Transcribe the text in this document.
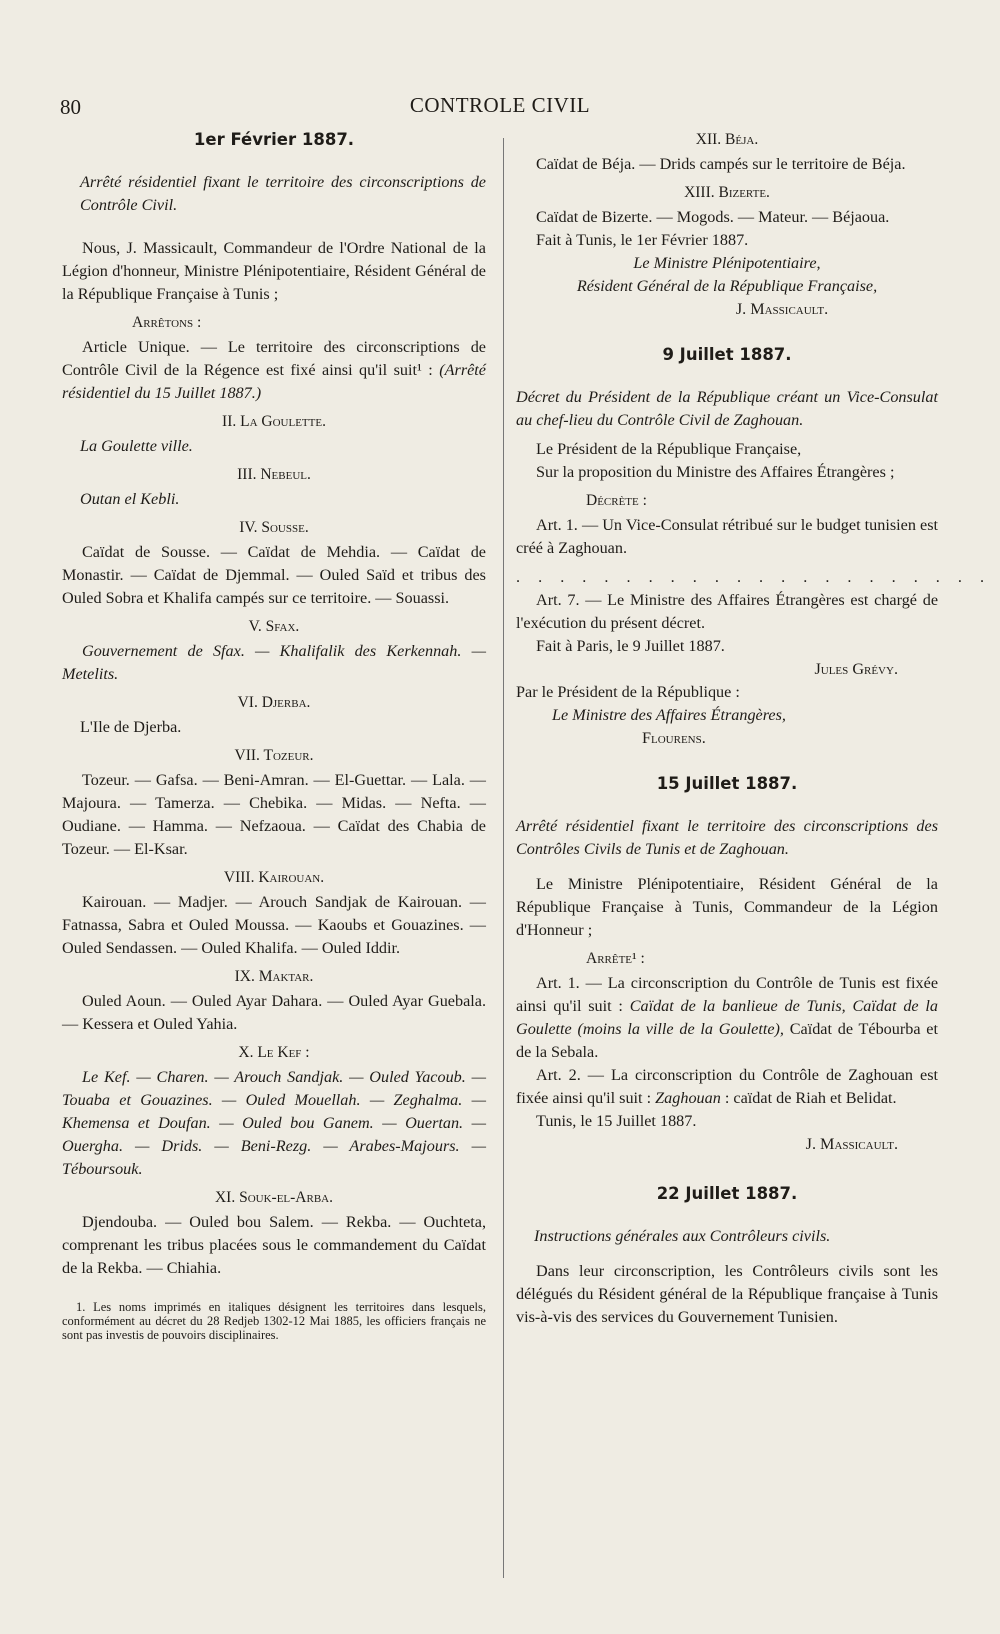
80	CONTROLE CIVIL
1er Février 1887.

Arrêté résidentiel fixant le territoire des circonscriptions de Contrôle Civil.

Nous, J. Massicault, Commandeur de l'Ordre National de la Légion d'honneur, Ministre Plénipotentiaire, Résident Général de la République Française à Tunis ;

Arrêtons :

Article Unique. — Le territoire des circonscriptions de Contrôle Civil de la Régence est fixé ainsi qu'il suit¹ : (Arrêté résidentiel du 15 Juillet 1887.)

II. La Goulette.

La Goulette ville.

III. Nebeul.

Outan el Kebli.

IV. Sousse.

Caïdat de Sousse. — Caïdat de Mehdia. — Caïdat de Monastir. — Caïdat de Djemmal. — Ouled Saïd et tribus des Ouled Sobra et Khalifa campés sur ce territoire. — Souassi.

V. Sfax.

Gouvernement de Sfax. — Khalifalik des Kerkennah. — Metelits.

VI. Djerba.

L'Ile de Djerba.

VII. Tozeur.

Tozeur. — Gafsa. — Beni-Amran. — El-Guettar. — Lala. — Majoura. — Tamerza. — Chebika. — Midas. — Nefta. — Oudiane. — Hamma. — Nefzaoua. — Caïdat des Chabia de Tozeur. — El-Ksar.

VIII. Kairouan.

Kairouan. — Madjer. — Arouch Sandjak de Kairouan. — Fatnassa, Sabra et Ouled Moussa. — Kaoubs et Gouazines. — Ouled Sendassen. — Ouled Khalifa. — Ouled Iddir.

IX. Maktar.

Ouled Aoun. — Ouled Ayar Dahara. — Ouled Ayar Guebala. — Kessera et Ouled Yahia.

X. Le Kef :

Le Kef. — Charen. — Arouch Sandjak. — Ouled Yacoub. — Touaba et Gouazines. — Ouled Mouellah. — Zeghalma. — Khemensa et Doufan. — Ouled bou Ganem. — Ouertan. — Ouergha. — Drids. — Beni-Rezg. — Arabes-Majours. — Téboursouk.

XI. Souk-el-Arba.

Djendouba. — Ouled bou Salem. — Rekba. — Ouchteta, comprenant les tribus placées sous le commandement du Caïdat de la Rekba. — Chiahia.

1. Les noms imprimés en italiques désignent les territoires dans lesquels, conformément au décret du 28 Redjeb 1302-12 Mai 1885, les officiers français ne sont pas investis de pouvoirs disciplinaires.

XII. Béja.

Caïdat de Béja. — Drids campés sur le territoire de Béja.

XIII. Bizerte.

Caïdat de Bizerte. — Mogods. — Mateur. — Béjaoua.

Fait à Tunis, le 1er Février 1887.

Le Ministre Plénipotentiaire,

Résident Général de la République Française,

J. Massicault.

9 Juillet 1887.

Décret du Président de la République créant un Vice-Consulat au chef-lieu du Contrôle Civil de Zaghouan.

Le Président de la République Française,

Sur la proposition du Ministre des Affaires Étrangères ;

Décrète :

Art. 1. — Un Vice-Consulat rétribué sur le budget tunisien est créé à Zaghouan.

. . . . . . . . . . . . . . . . . . . . . .

Art. 7. — Le Ministre des Affaires Étrangères est chargé de l'exécution du présent décret.

Fait à Paris, le 9 Juillet 1887.

Jules Grévy.

Par le Président de la République :

Le Ministre des Affaires Étrangères,

Flourens.

15 Juillet 1887.

Arrêté résidentiel fixant le territoire des circonscriptions des Contrôles Civils de Tunis et de Zaghouan.

Le Ministre Plénipotentiaire, Résident Général de la République Française à Tunis, Commandeur de la Légion d'Honneur ;

Arrête¹ :

Art. 1. — La circonscription du Contrôle de Tunis est fixée ainsi qu'il suit : Caïdat de la banlieue de Tunis, Caïdat de la Goulette (moins la ville de la Goulette), Caïdat de Tébourba et de la Sebala.

Art. 2. — La circonscription du Contrôle de Zaghouan est fixée ainsi qu'il suit : Zaghouan : caïdat de Riah et Belidat.

Tunis, le 15 Juillet 1887.

J. Massicault.

22 Juillet 1887.

Instructions générales aux Contrôleurs civils.

Dans leur circonscription, les Contrôleurs civils sont les délégués du Résident général de la République française à Tunis vis-à-vis des services du Gouvernement Tunisien.
